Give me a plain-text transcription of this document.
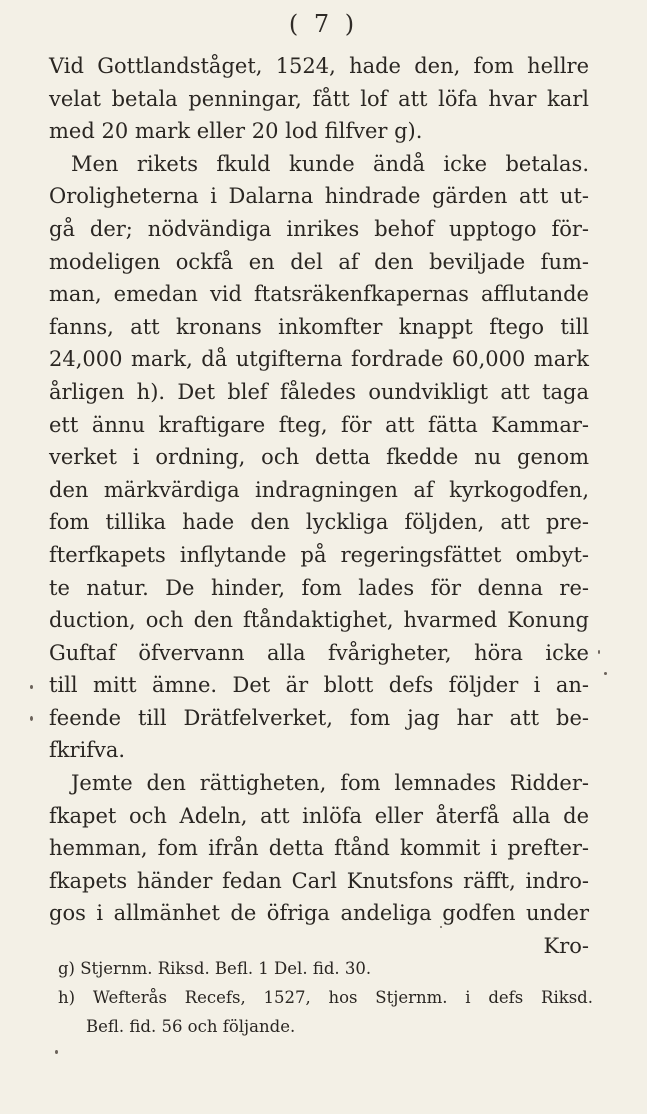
( 7 )
Vid Gottlandståget, 1524, hade den, fom hellre
velat betala penningar, fått lof att löfa hvar karl
med 20 mark eller 20 lod filfver g).
Men rikets fkuld kunde ändå icke betalas.
Oroligheterna i Dalarna hindrade gärden att ut-
gå der; nödvändiga inrikes behof upptogo för-
modeligen ockfå en del af den beviljade fum-
man, emedan vid ftatsräkenfkapernas afflutande
fanns, att kronans inkomfter knappt ftego till
24,000 mark, då utgifterna fordrade 60,000 mark
årligen h). Det blef fåledes oundvikligt att taga
ett ännu kraftigare fteg, för att fätta Kammar-
verket i ordning, och detta fkedde nu genom
den märkvärdiga indragningen af kyrkogodfen,
fom tillika hade den lyckliga följden, att pre-
fterfkapets inflytande på regeringsfättet ombyt-
te natur. De hinder, fom lades för denna re-
duction, och den ftåndaktighet, hvarmed Konung
Guftaf öfvervann alla fvårigheter, höra icke
till mitt ämne. Det är blott defs följder i an-
feende till Drätfelverket, fom jag har att be-
fkrifva.
Jemte den rättigheten, fom lemnades Ridder-
fkapet och Adeln, att inlöfa eller återfå alla de
hemman, fom ifrån detta ftånd kommit i prefter-
fkapets händer fedan Carl Knutsfons räfft, indro-
gos i allmänhet de öfriga andeliga godfen under
Kro-
g) Stjernm. Riksd. Befl. 1 Del. fid. 30.
h) Wefterås Recefs, 1527, hos Stjernm. i defs Riksd.
Befl. fid. 56 och följande.
